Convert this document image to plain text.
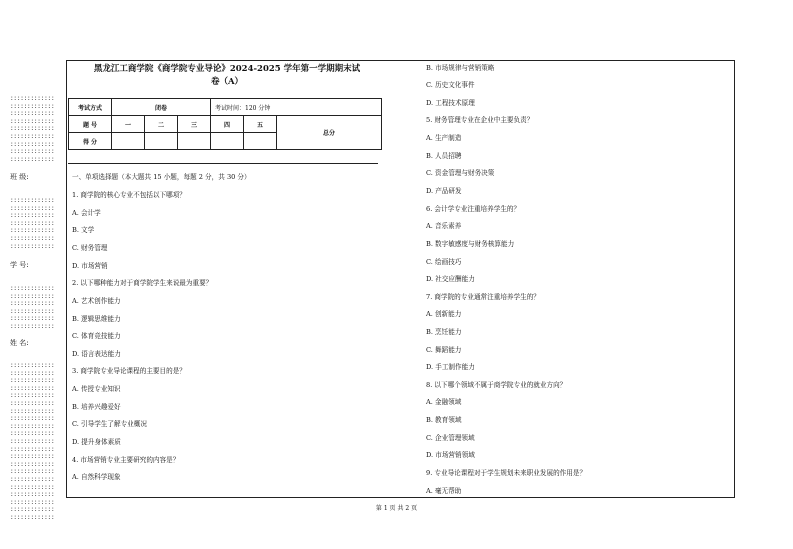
:::::::::::::
:::::::::::::
:::::::::::::
:::::::::::::
:::::::::::::
:::::::::::::
:::::::::::::
:::::::::::::
:::::::::::::
班 级:
:::::::::::::
:::::::::::::
:::::::::::::
:::::::::::::
:::::::::::::
:::::::::::::
:::::::::::::
学 号:
:::::::::::::
:::::::::::::
:::::::::::::
:::::::::::::
:::::::::::::
:::::::::::::
姓 名:
:::::::::::::
:::::::::::::
:::::::::::::
:::::::::::::
:::::::::::::
:::::::::::::
:::::::::::::
:::::::::::::
:::::::::::::
:::::::::::::
:::::::::::::
:::::::::::::
:::::::::::::
:::::::::::::
:::::::::::::
:::::::::::::
:::::::::::::
:::::::::::::
:::::::::::::
:::::::::::::
:::::::::::::
黑龙江工商学院《商学院专业导论》2024-2025 学年第一学期期末试
卷（A）
考试方式	闭卷			考试时间：120 分钟		
题 号	一	二	三	四	五	总分
得 分						
一、单项选择题（本大题共 15 小题，每题 2 分，共 30 分）
1. 商学院的核心专业不包括以下哪项？
A. 会计学
B. 文学
C. 财务管理
D. 市场营销
2. 以下哪种能力对于商学院学生来说最为重要？
A. 艺术创作能力
B. 逻辑思维能力
C. 体育竞技能力
D. 语言表达能力
3. 商学院专业导论课程的主要目的是？
A. 传授专业知识
B. 培养兴趣爱好
C. 引导学生了解专业概况
D. 提升身体素质
4. 市场营销专业主要研究的内容是？
A. 自然科学现象
B. 市场规律与营销策略
C. 历史文化事件
D. 工程技术原理
5. 财务管理专业在企业中主要负责？
A. 生产制造
B. 人员招聘
C. 资金管理与财务决策
D. 产品研发
6. 会计学专业注重培养学生的？
A. 音乐素养
B. 数字敏感度与财务核算能力
C. 绘画技巧
D. 社交应酬能力
7. 商学院的专业通常注重培养学生的？
A. 创新能力
B. 烹饪能力
C. 舞蹈能力
D. 手工制作能力
8. 以下哪个领域不属于商学院专业的就业方向？
A. 金融领域
B. 教育领域
C. 企业管理领域
D. 市场营销领域
9. 专业导论课程对于学生规划未来职业发展的作用是？
A. 毫无帮助
第 1 页 共 2 页
